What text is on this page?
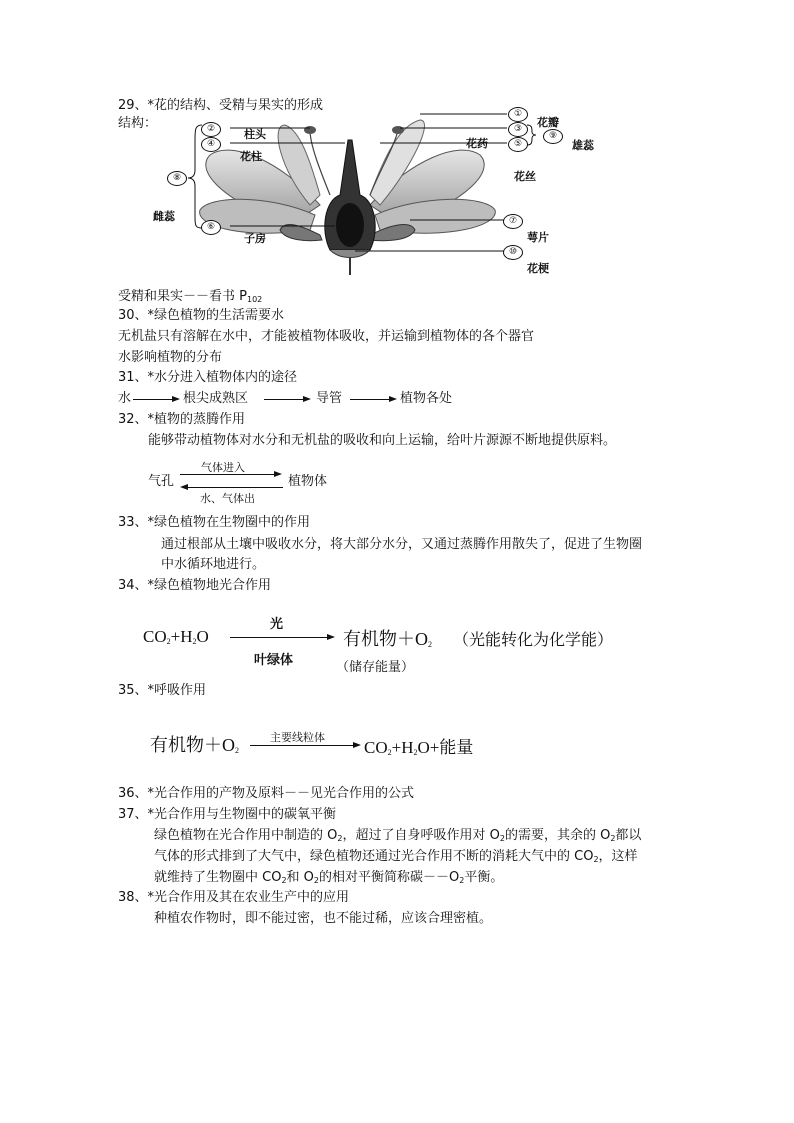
29、*花的结构、受精与果实的形成
结构：
①
②	③
④	⑤
⑥
⑦
⑧
⑨
⑩
柱头
花柱
子房
雌蕊
花瓣
花药	雄蕊
花丝
萼片
花梗
受精和果实－－看书 $P_{102}$
30、*绿色植物的生活需要水
无机盐只有溶解在水中，才能被植物体吸收，并运输到植物体的各个器官
水影响植物的分布
31、*水分进入植物体内的途径
水	根尖成熟区	导管	植物各处
32、*植物的蒸腾作用
能够带动植物体对水分和无机盐的吸收和向上运输，给叶片源源不断地提供原料。
气体进入
气孔	植物体
水、气体出
33、*绿色植物在生物圈中的作用
通过根部从土壤中吸收水分，将大部分水分，又通过蒸腾作用散失了，促进了生物圈
中水循环地进行。
34、*绿色植物地光合作用
$CO_2+H_2O$
光
叶绿体
有机物$+O_2$ （光能转化为化学能）
（储存能量）
35、*呼吸作用
有机物$+O_2$
主要线粒体
$CO_2+H_2O+$能量
36、*光合作用的产物及原料－－见光合作用的公式
37、*光合作用与生物圈中的碳氧平衡
绿色植物在光合作用中制造的 $O_2$，超过了自身呼吸作用对 $O_2$的需要，其余的 $O_2$都以
气体的形式排到了大气中，绿色植物还通过光合作用不断的消耗大气中的 $CO_2$，这样
就维持了生物圈中 $CO_2$和 $O_2$的相对平衡简称碳$--O_2$平衡。
38、*光合作用及其在农业生产中的应用
种植农作物时，即不能过密，也不能过稀，应该合理密植。
